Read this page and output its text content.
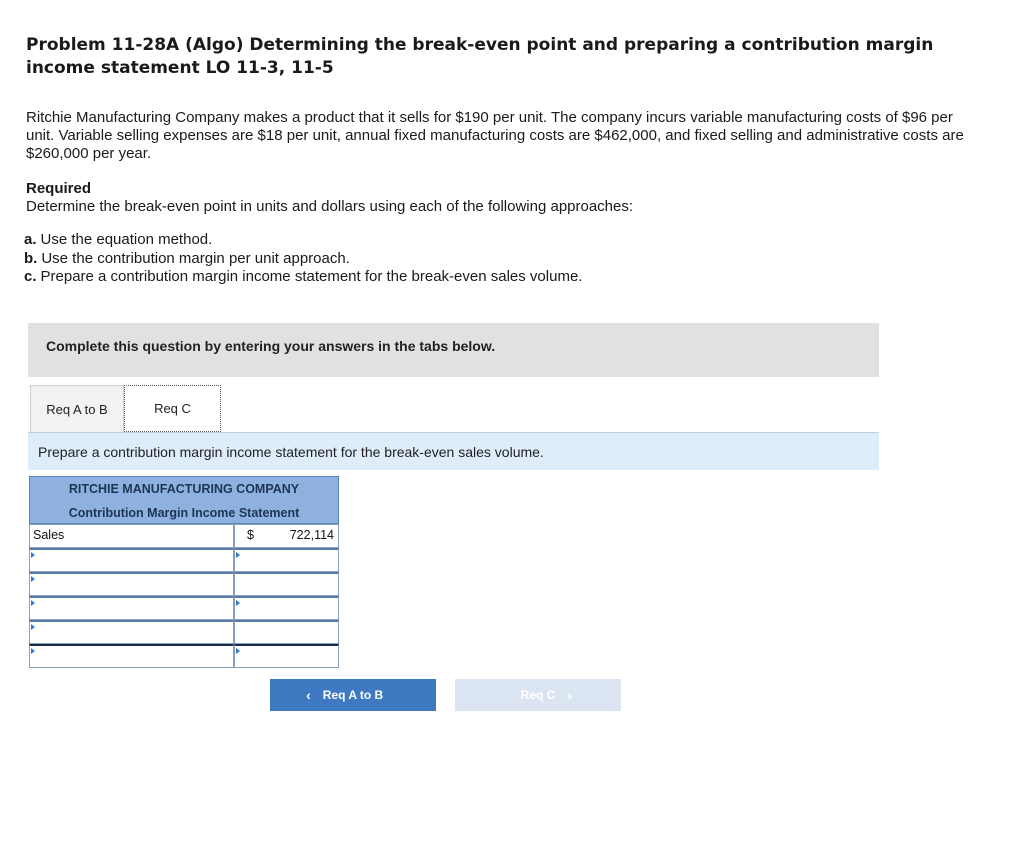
Problem 11-28A (Algo) Determining the break-even point and preparing a contribution margin income statement LO 11-3, 11-5
Ritchie Manufacturing Company makes a product that it sells for $190 per unit. The company incurs variable manufacturing costs of $96 per unit. Variable selling expenses are $18 per unit, annual fixed manufacturing costs are $462,000, and fixed selling and administrative costs are $260,000 per year.
Required
Determine the break-even point in units and dollars using each of the following approaches:
a. Use the equation method.
b. Use the contribution margin per unit approach.
c. Prepare a contribution margin income statement for the break-even sales volume.
Complete this question by entering your answers in the tabs below.
Req A to B	Req C
Prepare a contribution margin income statement for the break-even sales volume.
RITCHIE MANUFACTURING COMPANY
Contribution Margin Income Statement
Sales	$	722,114
‹ Req A to B	Req C ›
